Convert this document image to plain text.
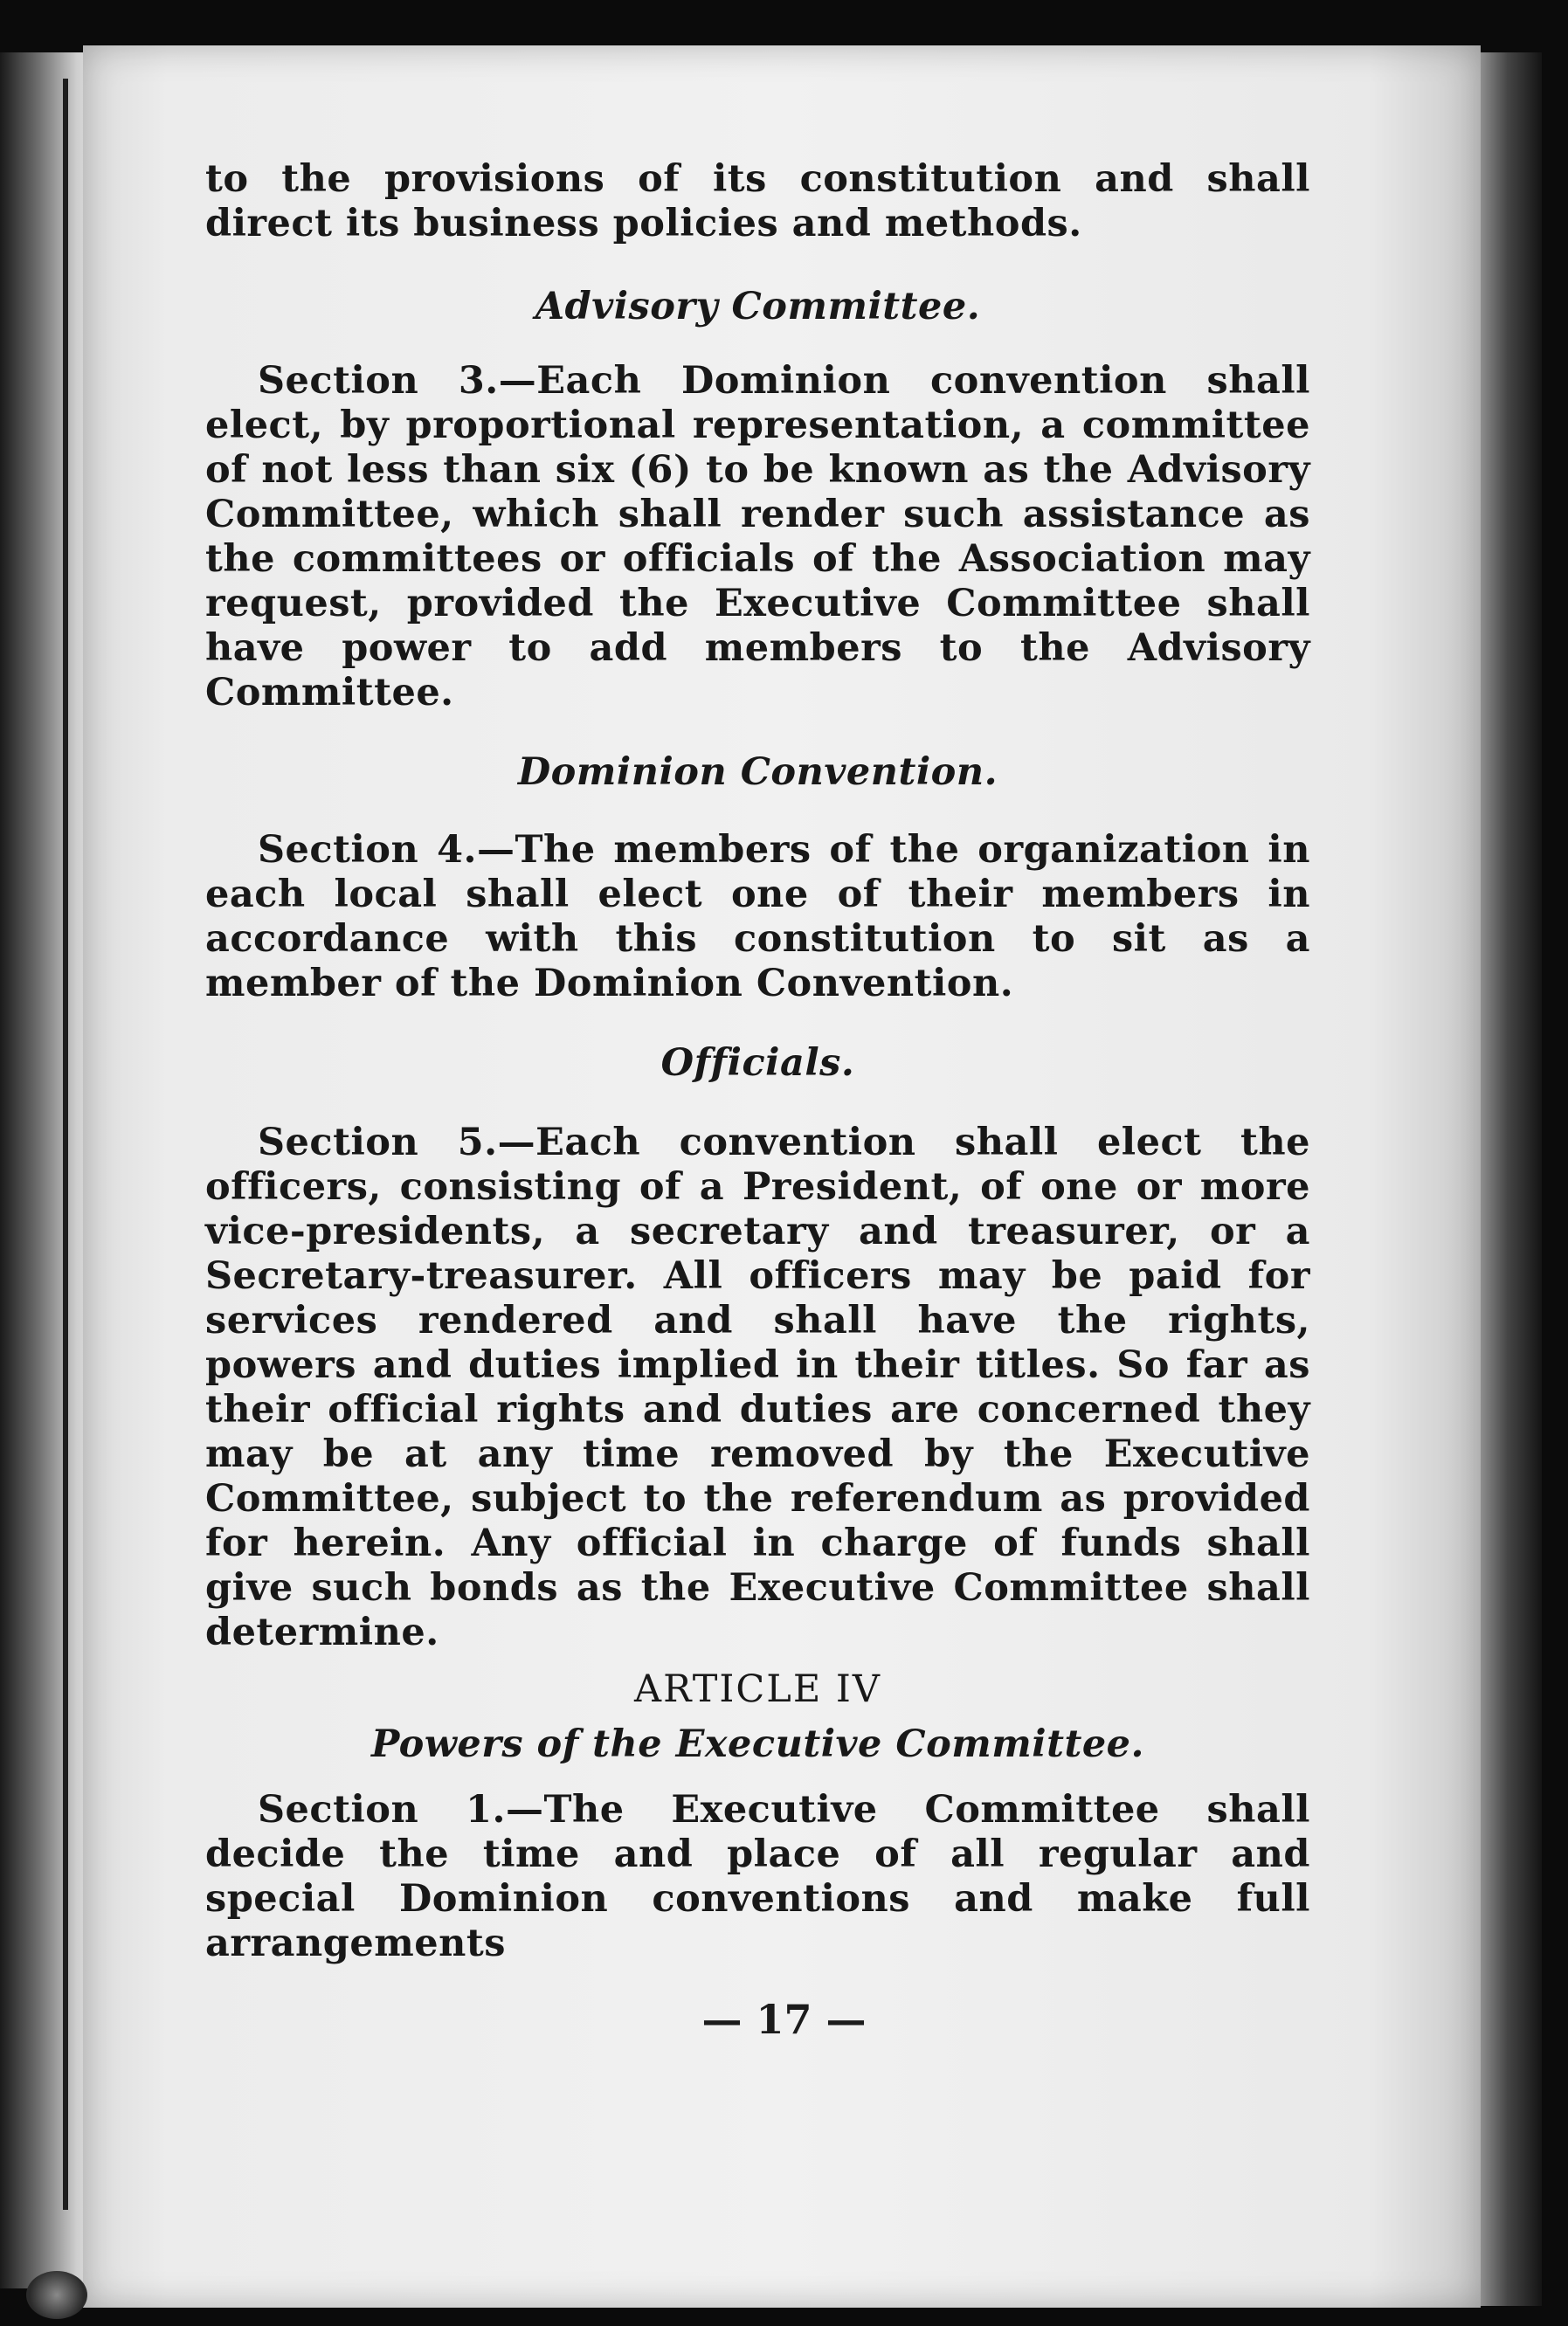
to the provisions of its constitution and shall direct its business policies and methods.

Advisory Committee.

Section 3.—Each Dominion convention shall elect, by proportional representation, a committee of not less than six (6) to be known as the Advisory Committee, which shall render such assistance as the committees or officials of the Association may request, provided the Executive Committee shall have power to add members to the Advisory Committee.

Dominion Convention.

Section 4.—The members of the organization in each local shall elect one of their members in accordance with this constitution to sit as a member of the Dominion Convention.

Officials.

Section 5.—Each convention shall elect the officers, consisting of a President, of one or more vice-presidents, a secretary and treasurer, or a Secretary-treasurer. All officers may be paid for services rendered and shall have the rights, powers and duties implied in their titles. So far as their official rights and duties are concerned they may be at any time removed by the Executive Committee, subject to the referendum as provided for herein. Any official in charge of funds shall give such bonds as the Executive Committee shall determine.

ARTICLE IV

Powers of the Executive Committee.

Section 1.—The Executive Committee shall decide the time and place of all regular and special Dominion conventions and make full arrangements

— 17 —
